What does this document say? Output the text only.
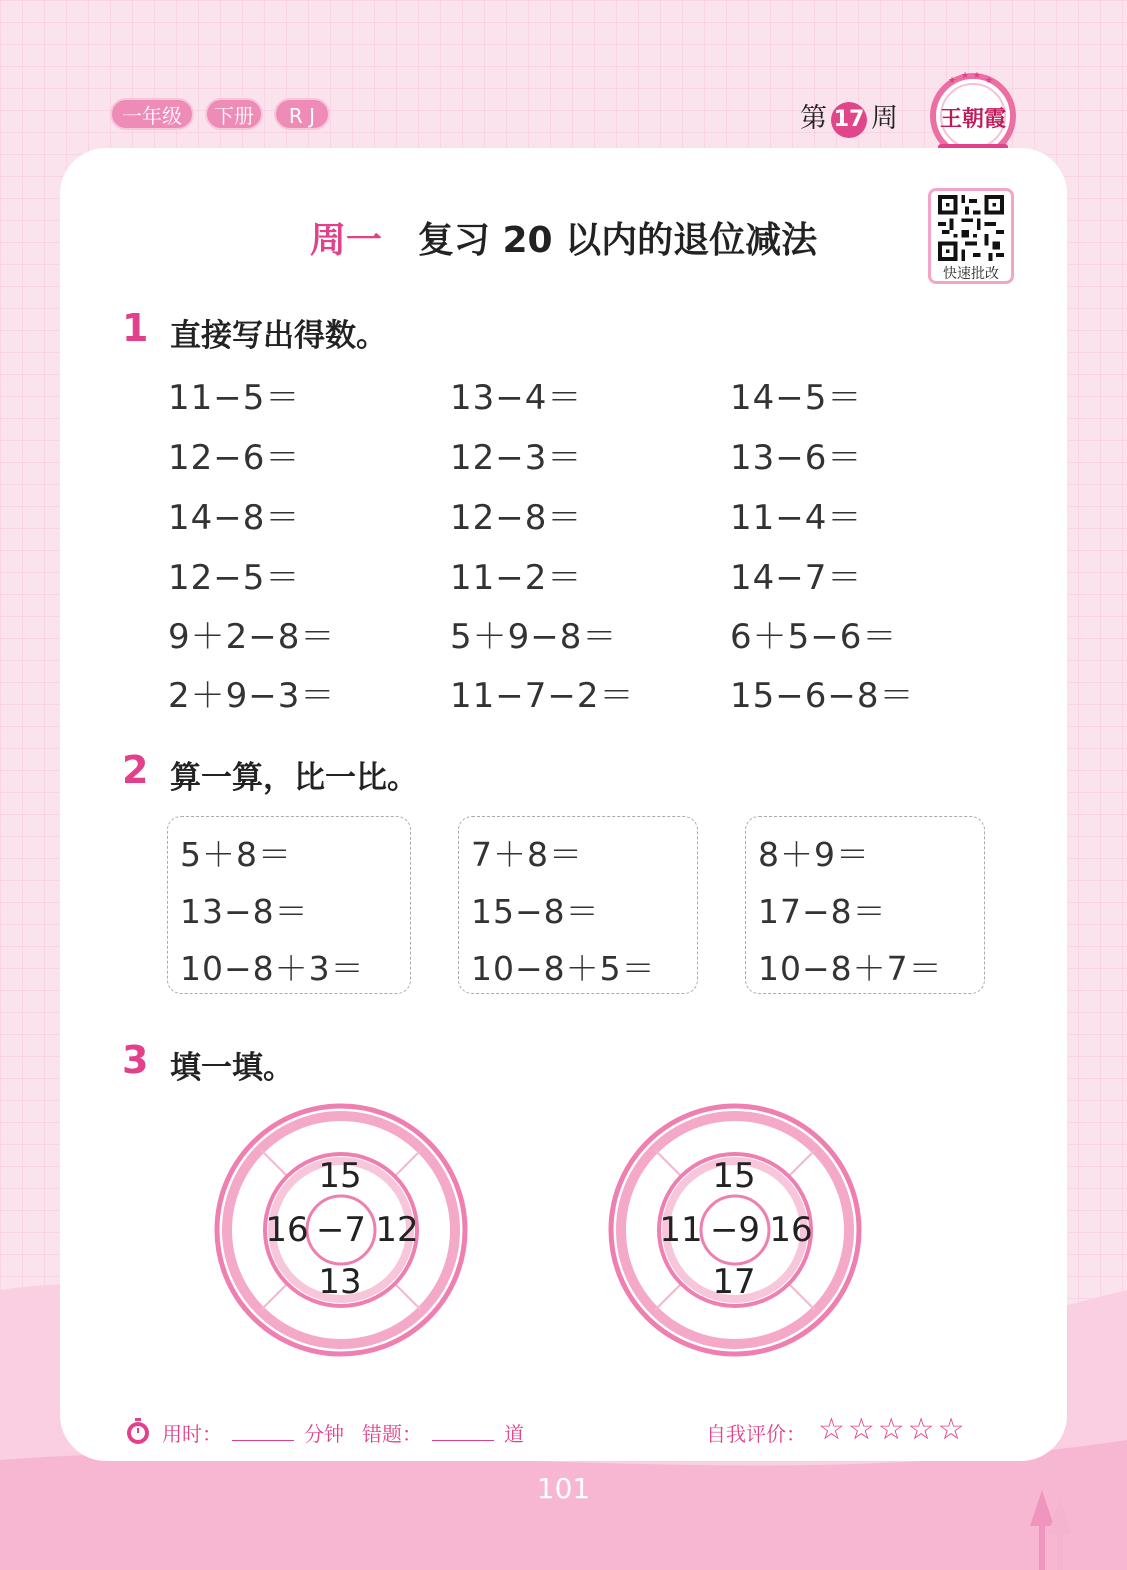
一年级	下册	R J	第 17 周
★ ★ ★ ★
王朝霞
快速批改
周一 复习 20 以内的退位减法
1 直接写出得数。
11−5＝	13−4＝	14−5＝
12−6＝	12−3＝	13−6＝
14−8＝	12−8＝	11−4＝
12−5＝	11−2＝	14−7＝
9＋2−8＝	5＋9−8＝	6＋5−6＝
2＋9−3＝	11−7−2＝	15−6−8＝
2 算一算，比一比。
5＋8＝
13−8＝
10−8＋3＝
7＋8＝
15−8＝
10−8＋5＝
8＋9＝
17−8＝
10−8＋7＝
3 填一填。
15
16 −7 12
13
15
11 −9 16
17
用时：	分钟 错题：	道	自我评价： ☆☆☆☆☆
101
